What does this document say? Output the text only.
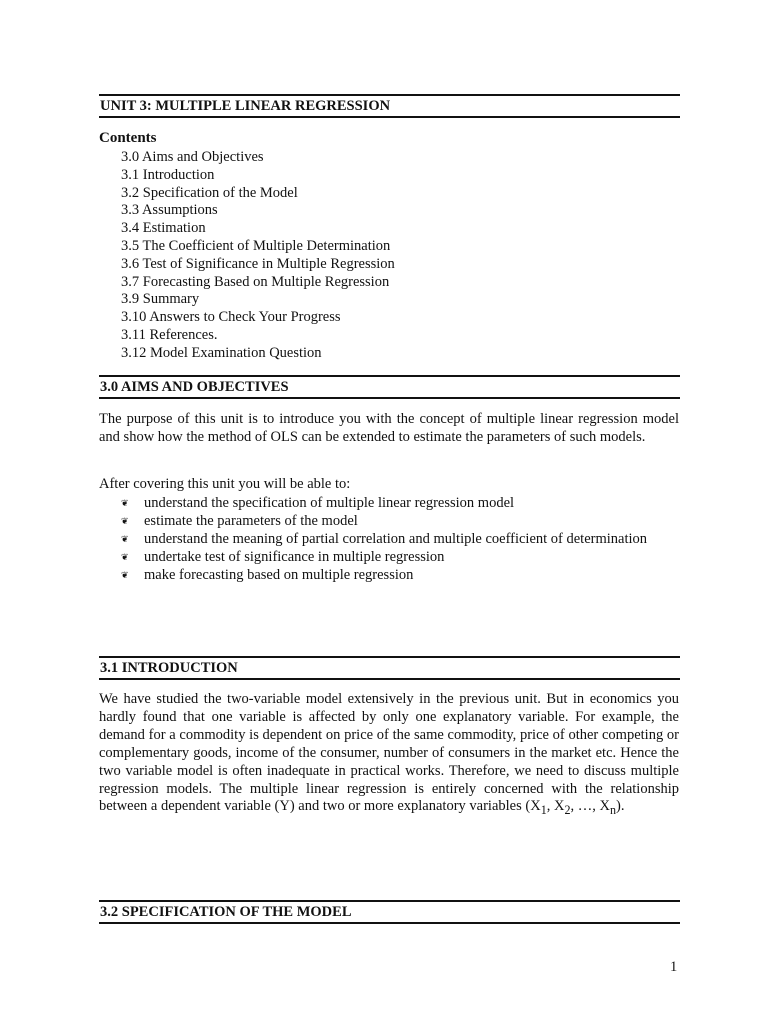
UNIT 3: MULTIPLE LINEAR REGRESSION
Contents
3.0 Aims and Objectives
3.1 Introduction
3.2 Specification of the Model
3.3 Assumptions
3.4 Estimation
3.5 The Coefficient of Multiple Determination
3.6 Test of Significance in Multiple Regression
3.7 Forecasting Based on Multiple Regression
3.9 Summary
3.10 Answers to Check Your Progress
3.11 References.
3.12 Model Examination Question
3.0 AIMS AND OBJECTIVES

The purpose of this unit is to introduce you with the concept of multiple linear regression model and show how the method of OLS can be extended to estimate the parameters of such models.

After covering this unit you will be able to:

❦ understand the specification of multiple linear regression model
❦ estimate the parameters of the model
❦ understand the meaning of partial correlation and multiple coefficient of determination
❦ undertake test of significance in multiple regression
❦ make forecasting based on multiple regression
3.1 INTRODUCTION

We have studied the two-variable model extensively in the previous unit. But in economics you hardly found that one variable is affected by only one explanatory variable. For example, the demand for a commodity is dependent on price of the same commodity, price of other competing or complementary goods, income of the consumer, number of consumers in the market etc. Hence the two variable model is often inadequate in practical works. Therefore, we need to discuss multiple regression models. The multiple linear regression is entirely concerned with the relationship between a dependent variable (Y) and two or more explanatory variables ($X_1$, $X_2$, …, $X_n$).

3.2 SPECIFICATION OF THE MODEL
1
